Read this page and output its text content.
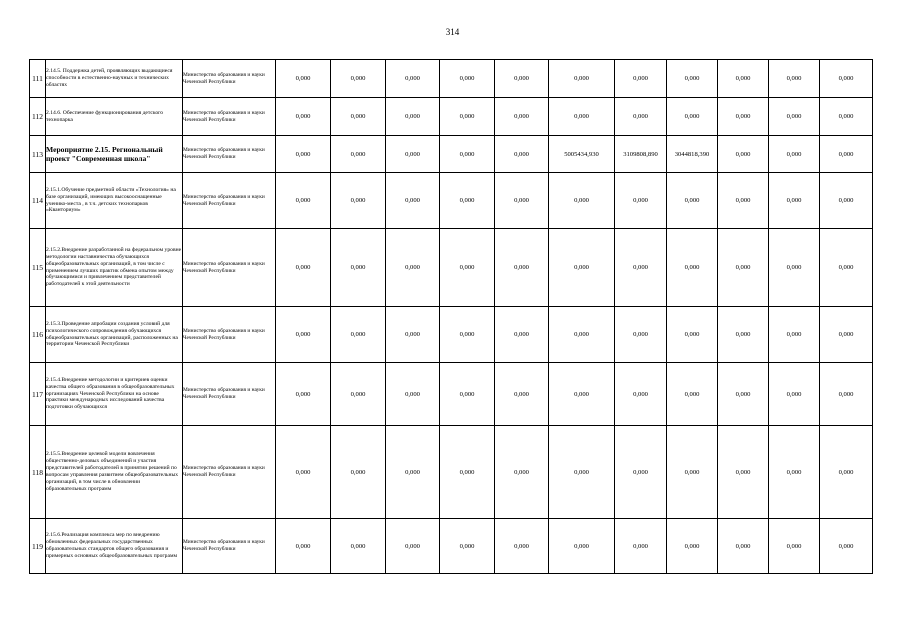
314
111	2.14.5. Поддержка детей, проявляющих выдающиеся способности в естественно-научных и технических областях	Министерство образования и науки Чеченской Республики	0,000	0,000	0,000	0,000	0,000	0,000	0,000	0,000	0,000	0,000	0,000
112	2.14.6. Обеспечение функционирования детского технопарка	Министерство образования и науки Чеченской Республики	0,000	0,000	0,000	0,000	0,000	0,000	0,000	0,000	0,000	0,000	0,000
113	Мероприятие 2.15. Региональный проект "Современная школа"	Министерство образования и науки Чеченской Республики	0,000	0,000	0,000	0,000	0,000	5005434,930	3109808,890	3044818,390	0,000	0,000	0,000
114	2.15.1.Обучение предметной области «Технология» на базе организаций, имеющих высокооснащенные ученико-места , в т.ч. детских технопарков «Кванториум»	Министерство образования и науки Чеченской Республики	0,000	0,000	0,000	0,000	0,000	0,000	0,000	0,000	0,000	0,000	0,000
115	2.15.2.Внедрение разработанной на федеральном уровне методологии наставничества обучающихся общеобразовательных организаций, в том числе с применением лучших практик обмена опытом между обучающимися и привлечением представителей работодателей к этой деятельности	Министерство образования и науки Чеченской Республики	0,000	0,000	0,000	0,000	0,000	0,000	0,000	0,000	0,000	0,000	0,000
116	2.15.3.Проведение апробации создания условий для психологического сопровождения обучающихся общеобразовательных организаций, расположенных на территории Чеченской Республики	Министерство образования и науки Чеченской Республики	0,000	0,000	0,000	0,000	0,000	0,000	0,000	0,000	0,000	0,000	0,000
117	2.15.4.Внедрение методологии и критериев оценки качества общего образования в общеобразовательных организациях Чеченской Республики на основе практики международных исследований качества подготовки обучающихся	Министерство образования и науки Чеченской Республики	0,000	0,000	0,000	0,000	0,000	0,000	0,000	0,000	0,000	0,000	0,000
118	2.15.5.Внедрение целевой модели вовлечения общественно-деловых объединений и участия представителей работодателей в принятии решений по вопросам управления развитием общеобразовательных организаций, в том числе в обновлении образовательных программ	Министерство образования и науки Чеченской Республики	0,000	0,000	0,000	0,000	0,000	0,000	0,000	0,000	0,000	0,000	0,000
119	2.15.6.Реализация комплекса мер по внедрению обновленных федеральных государственных образовательных стандартов общего образования и примерных основных общеобразовательных программ	Министерство образования и науки Чеченской Республики	0,000	0,000	0,000	0,000	0,000	0,000	0,000	0,000	0,000	0,000	0,000
